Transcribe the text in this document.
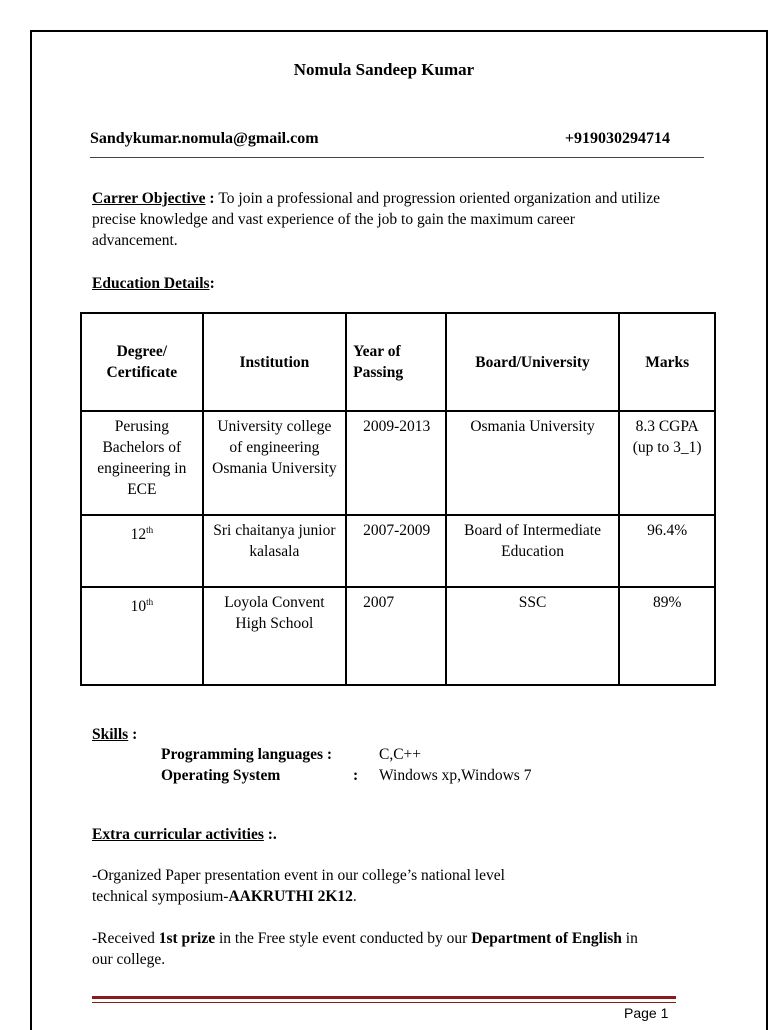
Nomula Sandeep Kumar
Sandykumar.nomula@gmail.com	+919030294714
Carrer Objective : To join a professional and progression oriented organization and utilize precise knowledge and vast experience of the job to gain the maximum career advancement.
Education Details:
Degree/ Certificate	Institution	Year of Passing	Board/University	Marks
Perusing Bachelors of engineering in ECE	University college of engineering Osmania University	2009-2013	Osmania University	8.3 CGPA (up to 3_1)
12th	Sri chaitanya junior kalasala	2007-2009	Board of Intermediate Education	96.4%
10th	Loyola Convent High School	2007	SSC	89%
Skills :
Programming languages :	C,C++
Operating System	: Windows xp,Windows 7
Extra curricular activities :.
-Organized Paper presentation event in our college’s national level technical symposium-AAKRUTHI 2K12.
-Received 1st prize in the Free style event conducted by our Department of English in our college.
Page 1
